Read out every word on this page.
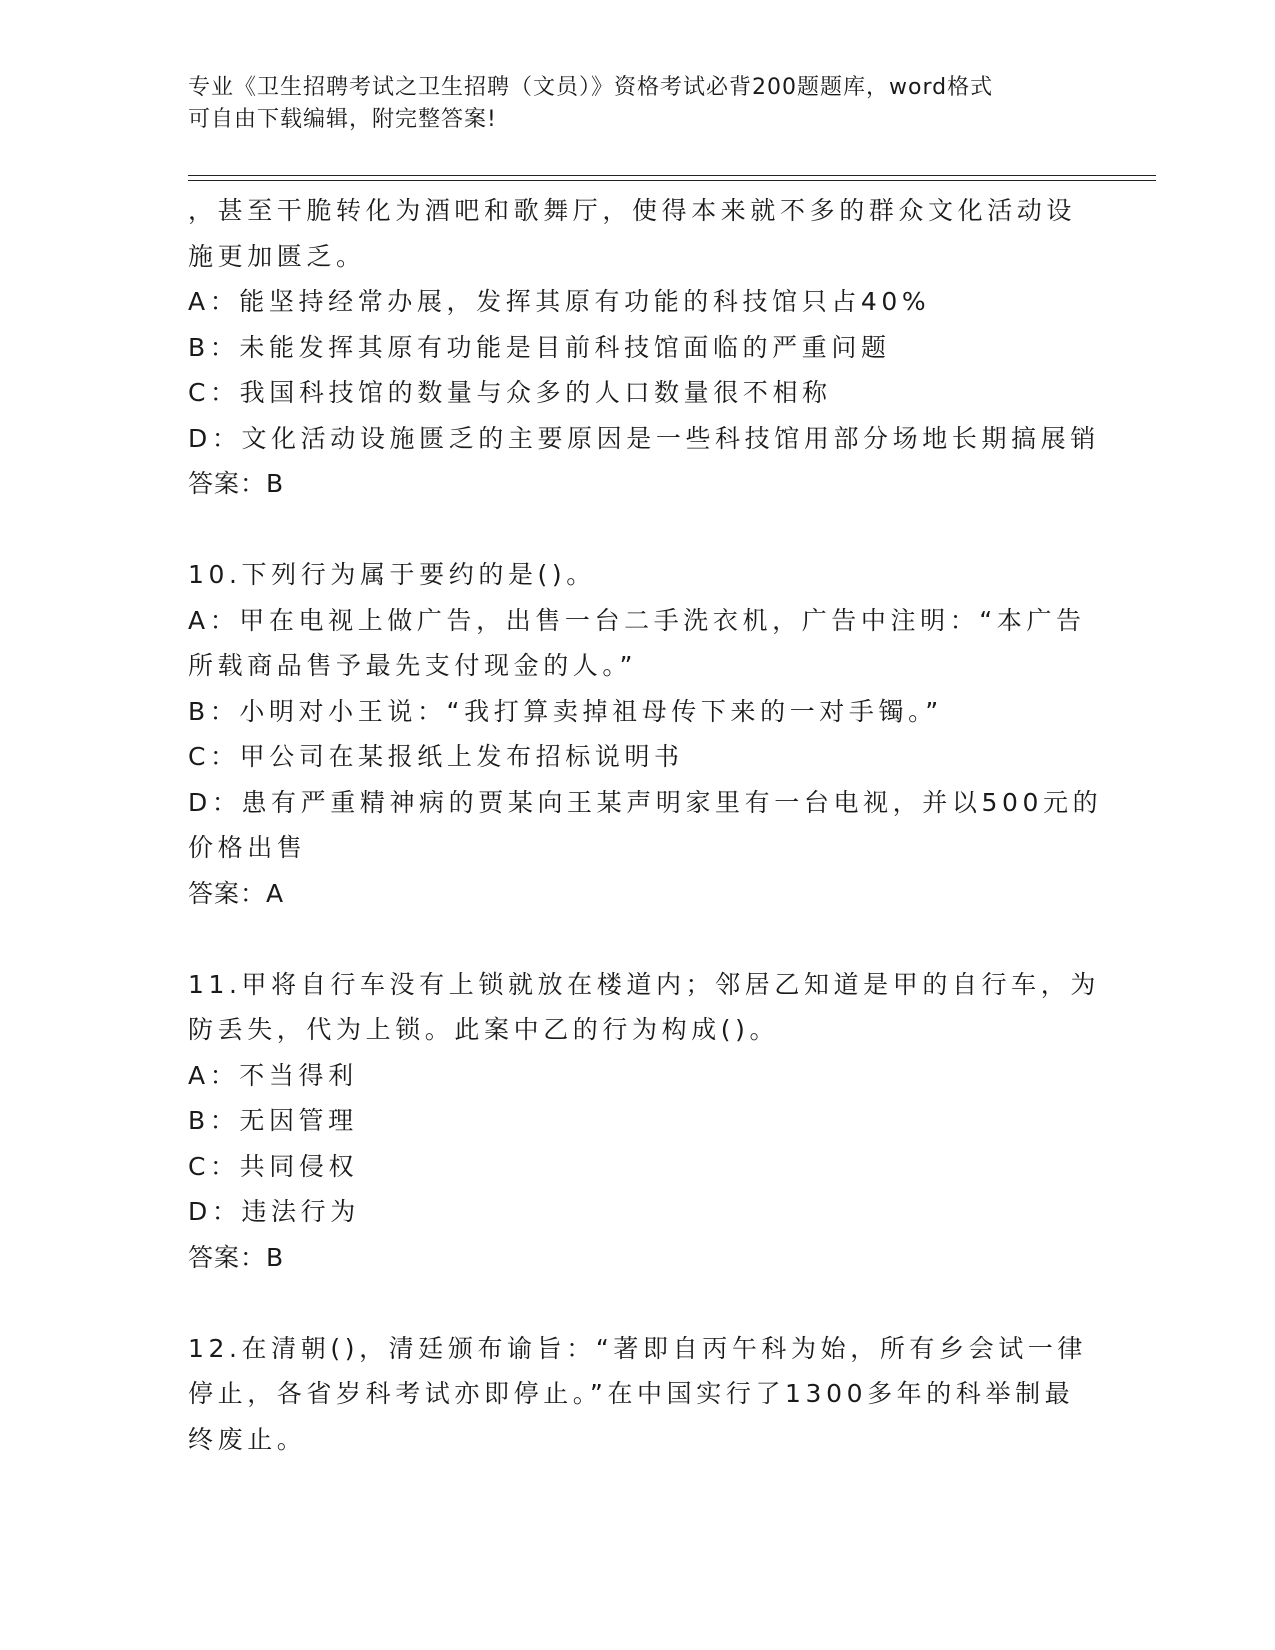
专业《卫生招聘考试之卫生招聘（文员）》资格考试必背200题题库，word格式
可自由下载编辑，附完整答案!
，甚至干脆转化为酒吧和歌舞厅，使得本来就不多的群众文化活动设
施更加匮乏。
A：能坚持经常办展，发挥其原有功能的科技馆只占40%
B：未能发挥其原有功能是目前科技馆面临的严重问题
C：我国科技馆的数量与众多的人口数量很不相称
D：文化活动设施匮乏的主要原因是一些科技馆用部分场地长期搞展销
答案：B
10.下列行为属于要约的是()。
A：甲在电视上做广告，出售一台二手洗衣机，广告中注明：“本广告
所载商品售予最先支付现金的人。”
B：小明对小王说：“我打算卖掉祖母传下来的一对手镯。”
C：甲公司在某报纸上发布招标说明书
D：患有严重精神病的贾某向王某声明家里有一台电视，并以500元的
价格出售
答案：A
11.甲将自行车没有上锁就放在楼道内；邻居乙知道是甲的自行车，为
防丢失，代为上锁。此案中乙的行为构成()。
A：不当得利
B：无因管理
C：共同侵权
D：违法行为
答案：B
12.在清朝()，清廷颁布谕旨：“著即自丙午科为始，所有乡会试一律
停止，各省岁科考试亦即停止。”在中国实行了1300多年的科举制最
终废止。
